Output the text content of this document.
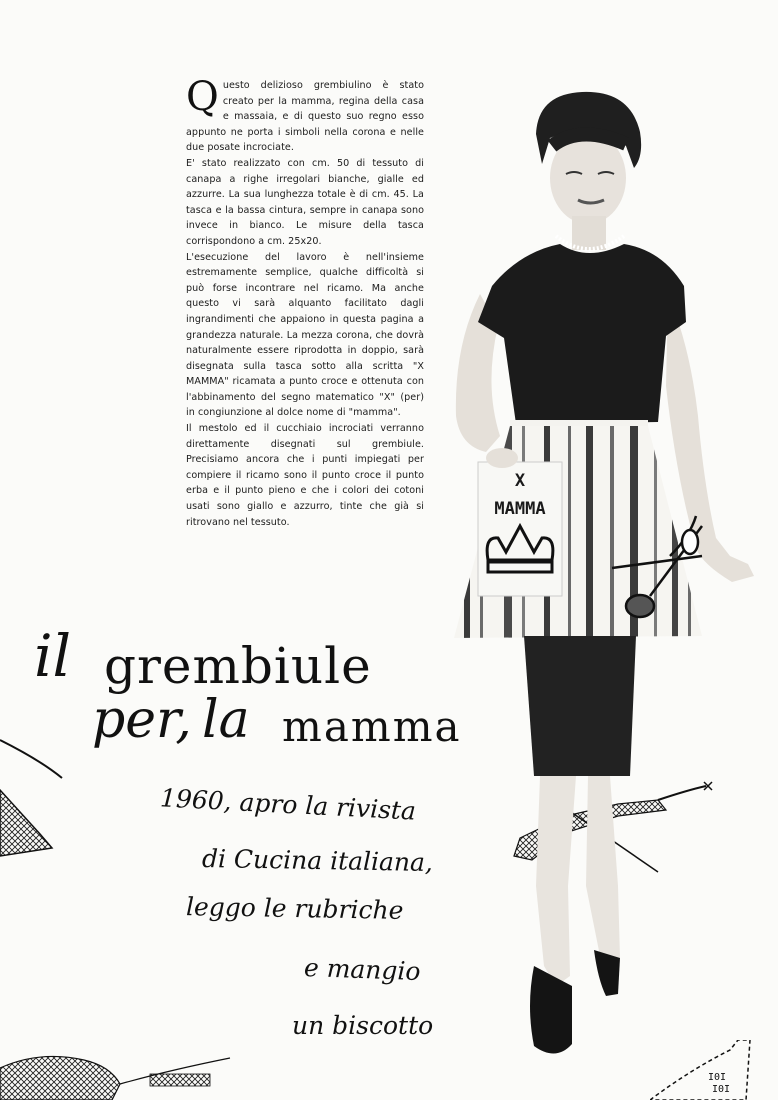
Q uesto delizioso grembiulino è stato creato per la mamma, regina della casa e massaia, e di questo suo regno esso appunto ne porta i simboli nella corona e nelle due posate incrociate.

E' stato realizzato con cm. 50 di tessuto di canapa a righe irregolari bianche, gialle ed azzurre. La sua lunghezza totale è di cm. 45. La tasca e la bassa cintura, sempre in canapa sono invece in bianco. Le misure della tasca corrispondono a cm. 25x20.

L'esecuzione del lavoro è nell'insieme estremamente semplice, qualche difficoltà si può forse incontrare nel ricamo. Ma anche questo vi sarà alquanto facilitato dagli ingrandimenti che appaiono in questa pagina a grandezza naturale. La mezza corona, che dovrà naturalmente essere riprodotta in doppio, sarà disegnata sulla tasca sotto alla scritta "X MAMMA" ricamata a punto croce e ottenuta con l'abbinamento del segno matematico "X" (per) in congiunzione al dolce nome di "mamma".

Il mestolo ed il cucchiaio incrociati verranno direttamente disegnati sul grembiule. Precisiamo ancora che i punti impiegati per compiere il ricamo sono il punto croce il punto erba e il punto pieno e che i colori dei cotoni usati sono giallo e azzurro, tinte che già si ritrovano nel tessuto.

il grembiule
per, la mamma
1960, apro la rivista
di Cucina italiana,
leggo le rubriche
e mangio
un biscotto
I0I
I0I
X
MAMMA
